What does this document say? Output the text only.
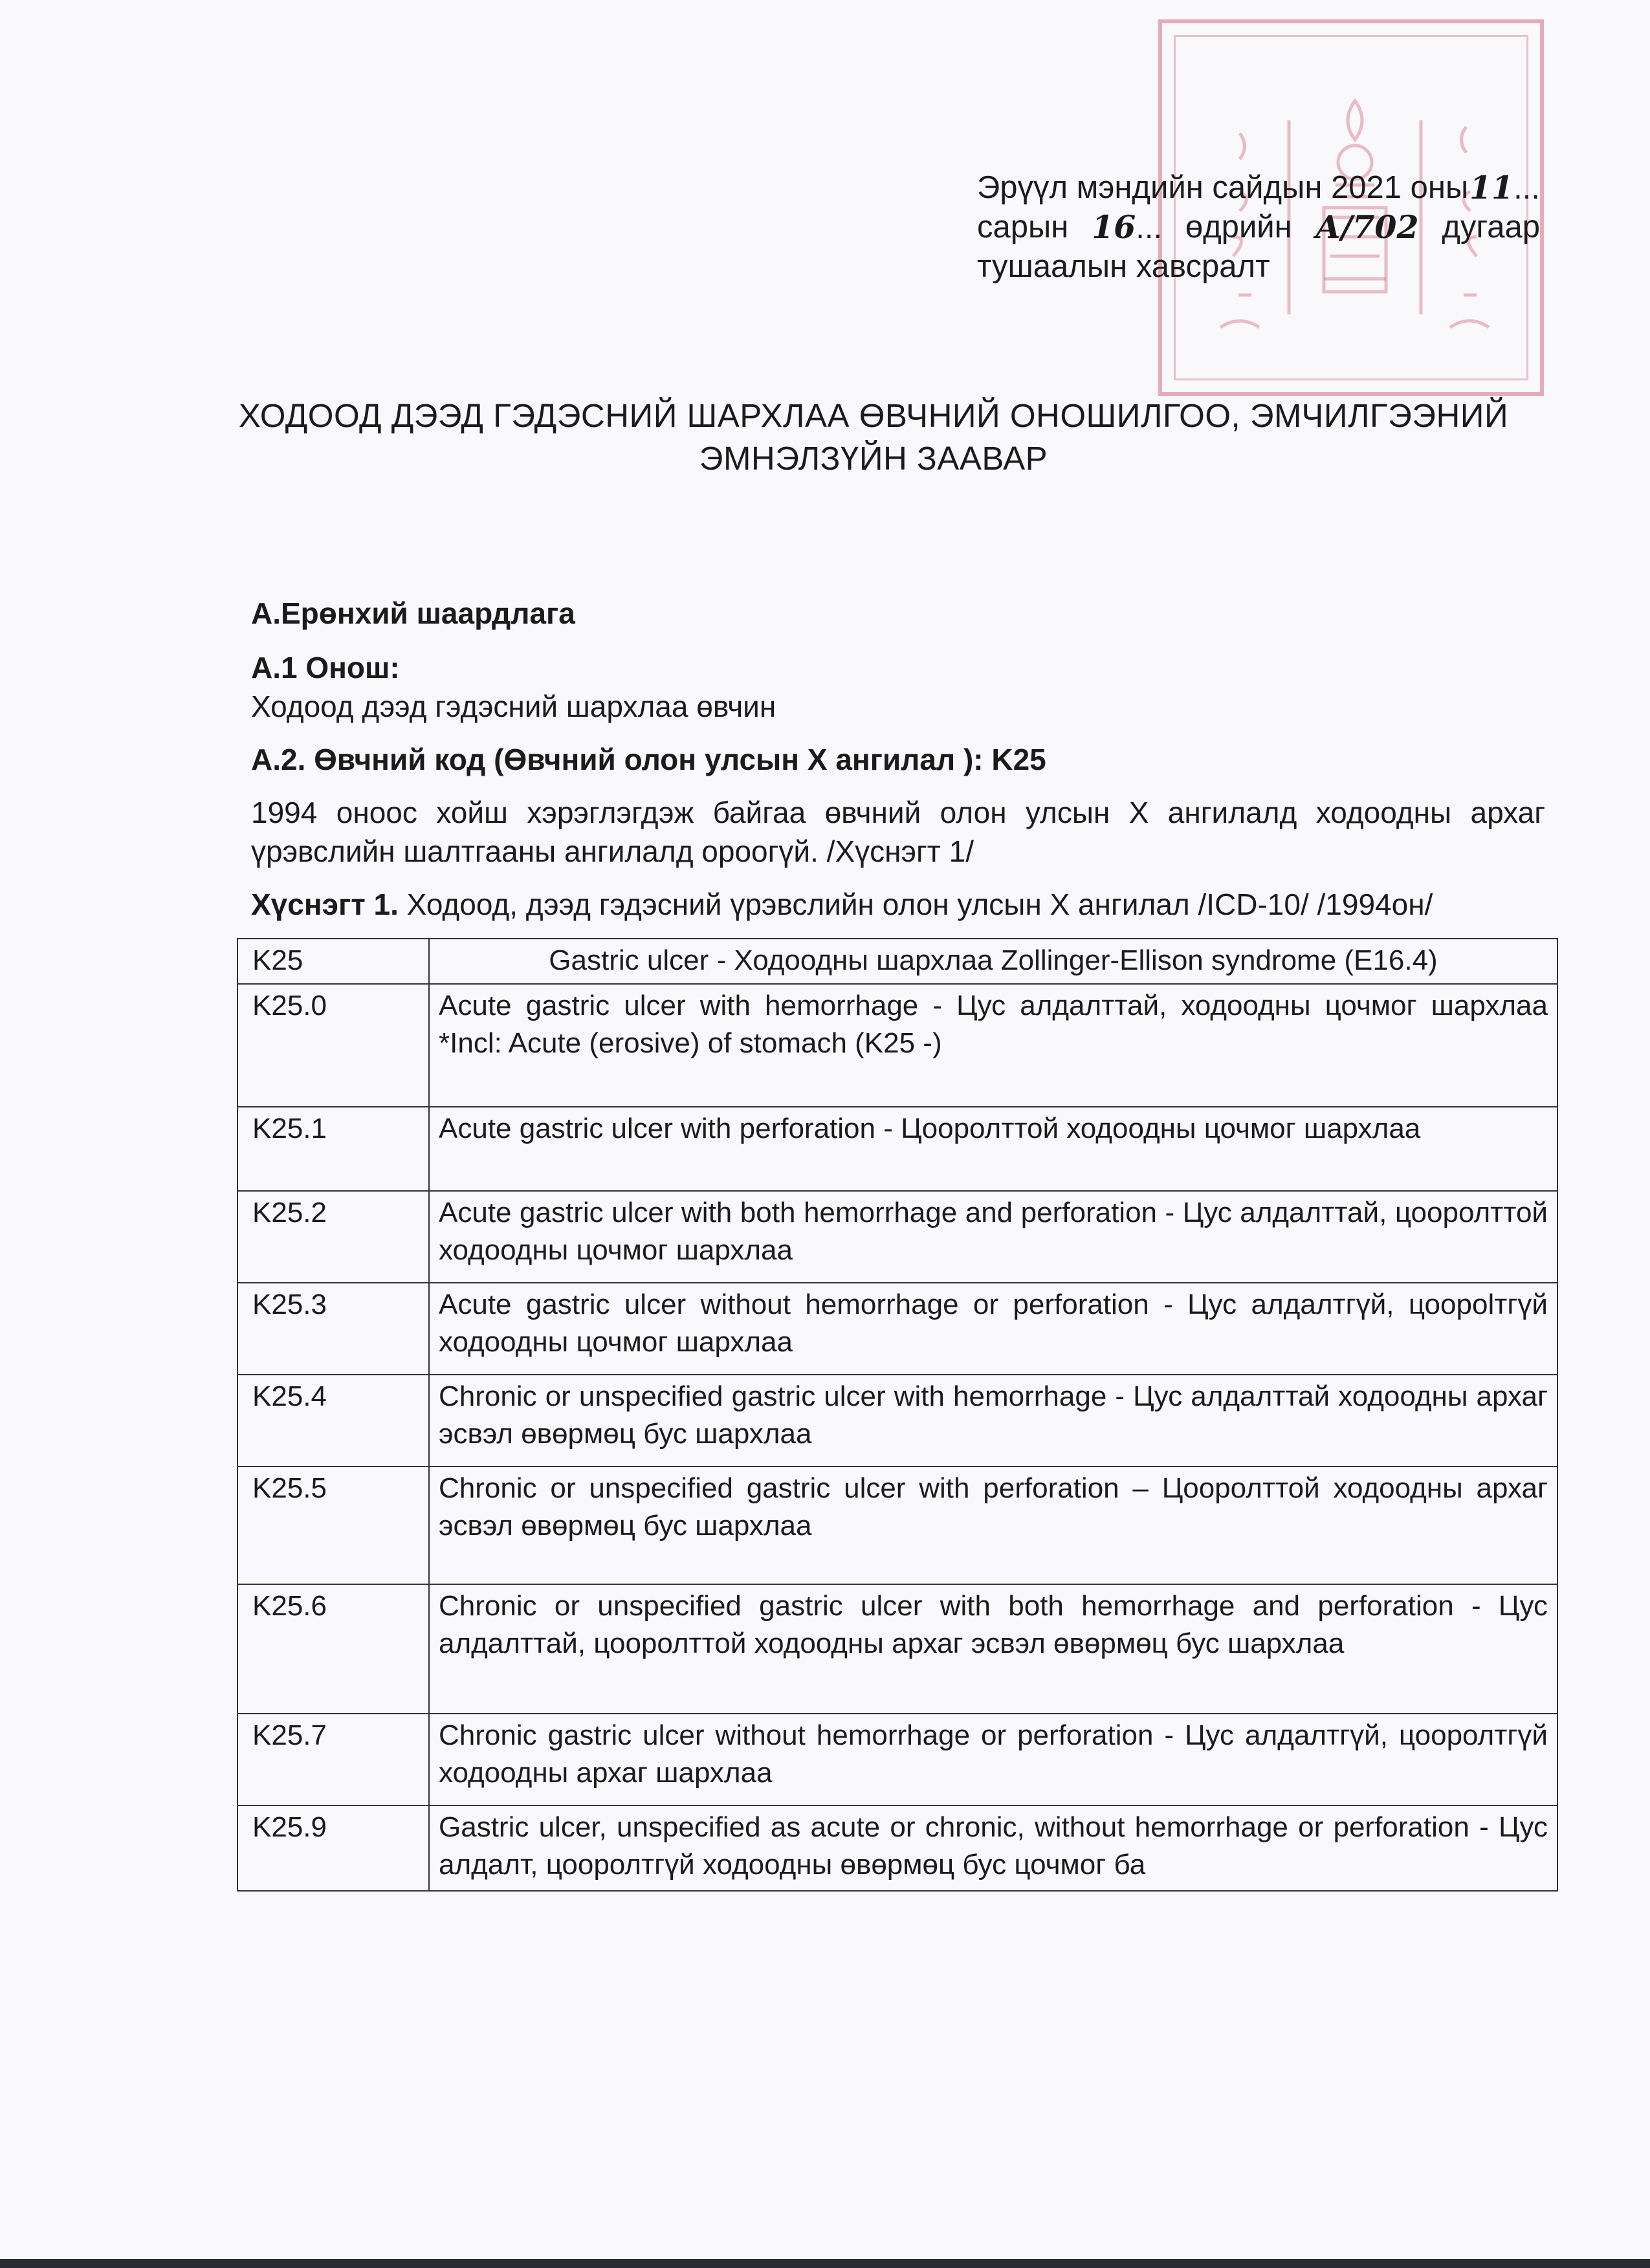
Эрүүл мэндийн сайдын 2021 оны 11...
сарын 16... өдрийн А/702 дугаар
тушаалын хавсралт
ХОДООД ДЭЭД ГЭДЭСНИЙ ШАРХЛАА ӨВЧНИЙ ОНОШИЛГОО, ЭМЧИЛГЭЭНИЙ
ЭМНЭЛЗҮЙН ЗААВАР
А.Ерөнхий шаардлага
А.1 Онош:
Ходоод дээд гэдэсний шархлаа өвчин
А.2. Өвчний код (Өвчний олон улсын Х ангилал ): K25
1994 оноос хойш хэрэглэгдэж байгаа өвчний олон улсын Х ангилалд ходоодны архаг үрэвслийн шалтгааны ангилалд ороогүй. /Хүснэгт 1/
Хүснэгт 1. Ходоод, дээд гэдэсний үрэвслийн олон улсын Х ангилал /ICD-10/ /1994он/
K25	Gastric ulcer - Ходоодны шархлаа Zollinger-Ellison syndrome (E16.4)
K25.0	Acute gastric ulcer with hemorrhage - Цус алдалттай, ходоодны цочмог шархлаа *Incl: Acute (erosive) of stomach (K25 -)
K25.1	Acute gastric ulcer with perforation - Цооролттой ходоодны цочмог шархлаа
K25.2	Acute gastric ulcer with both hemorrhage and perforation - Цус алдалттай, цооролттой ходоодны цочмог шархлаа
K25.3	Acute gastric ulcer without hemorrhage or perforation - Цус алдалтгүй, цоорolтгүй ходоодны цочмог шархлаа
K25.4	Chronic or unspecified gastric ulcer with hemorrhage - Цус алдалттай ходоодны архаг эсвэл өвөрмөц бус шархлаа
K25.5	Chronic or unspecified gastric ulcer with perforation – Цооролттой ходоодны архаг эсвэл өвөрмөц бус шархлаа
K25.6	Chronic or unspecified gastric ulcer with both hemorrhage and perforation - Цус алдалттай, цооролттой ходоодны архаг эсвэл өвөрмөц бус шархлаа
K25.7	Chronic gastric ulcer without hemorrhage or perforation - Цус алдалтгүй, цооролтгүй ходоодны архаг шархлаа
K25.9	Gastric ulcer, unspecified as acute or chronic, without hemorrhage or perforation - Цус алдалт, цооролтгүй ходоодны өвөрмөц бус цочмог ба
